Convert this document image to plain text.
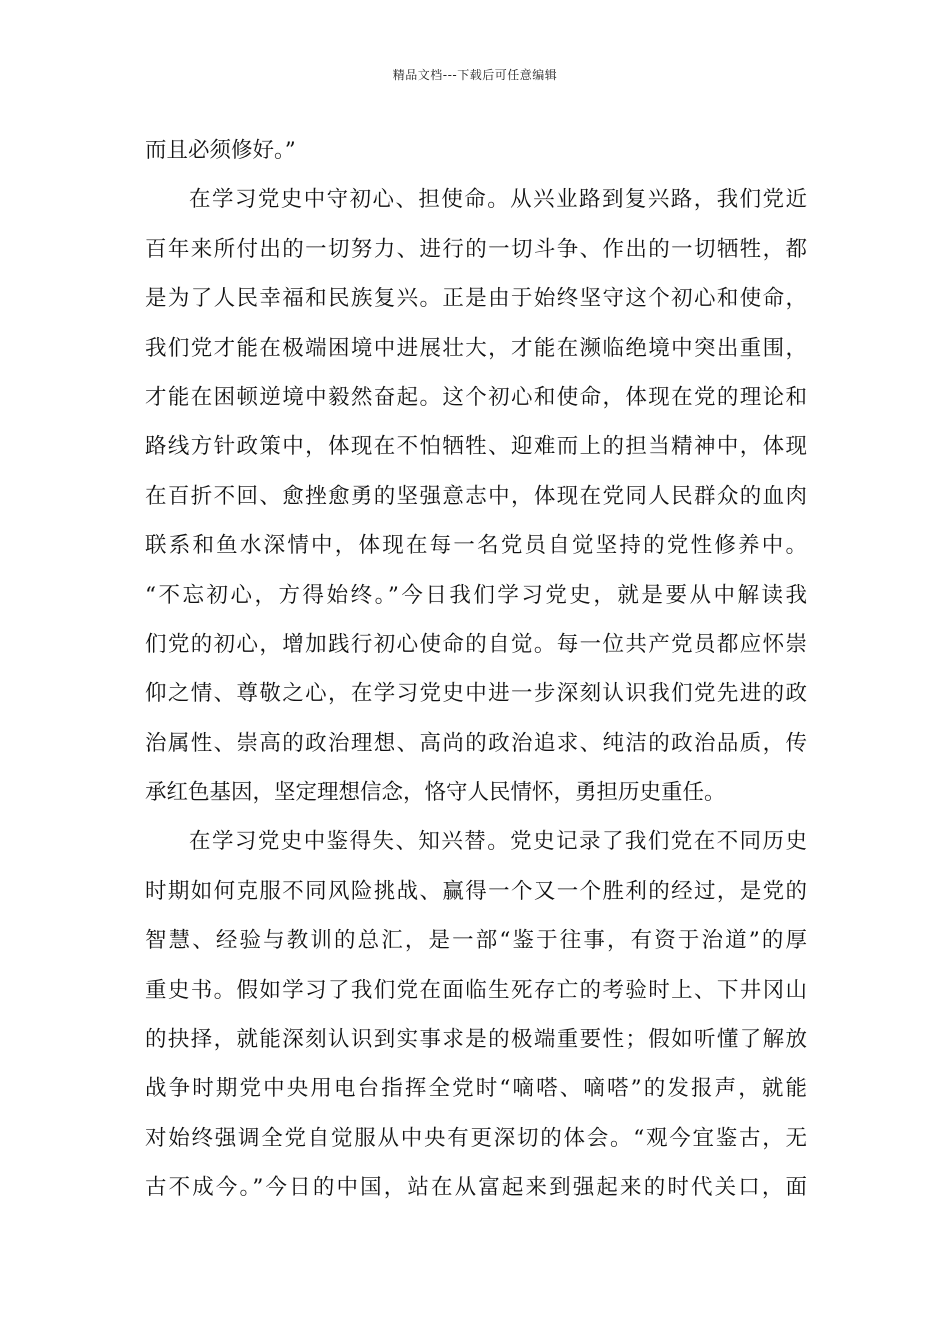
精品文档---下载后可任意编辑
而且必须修好。”
在学习党史中守初心、担使命。从兴业路到复兴路，我们党近
百年来所付出的一切努力、进行的一切斗争、作出的一切牺牲，都
是为了人民幸福和民族复兴。正是由于始终坚守这个初心和使命，
我们党才能在极端困境中进展壮大，才能在濒临绝境中突出重围，
才能在困顿逆境中毅然奋起。这个初心和使命，体现在党的理论和
路线方针政策中，体现在不怕牺牲、迎难而上的担当精神中，体现
在百折不回、愈挫愈勇的坚强意志中，体现在党同人民群众的血肉
联系和鱼水深情中，体现在每一名党员自觉坚持的党性修养中。
“不忘初心，方得始终。”今日我们学习党史，就是要从中解读我
们党的初心，增加践行初心使命的自觉。每一位共产党员都应怀崇
仰之情、尊敬之心，在学习党史中进一步深刻认识我们党先进的政
治属性、崇高的政治理想、高尚的政治追求、纯洁的政治品质，传
承红色基因，坚定理想信念，恪守人民情怀，勇担历史重任。
在学习党史中鉴得失、知兴替。党史记录了我们党在不同历史
时期如何克服不同风险挑战、赢得一个又一个胜利的经过，是党的
智慧、经验与教训的总汇，是一部“鉴于往事，有资于治道”的厚
重史书。假如学习了我们党在面临生死存亡的考验时上、下井冈山
的抉择，就能深刻认识到实事求是的极端重要性；假如听懂了解放
战争时期党中央用电台指挥全党时“嘀嗒、嘀嗒”的发报声，就能
对始终强调全党自觉服从中央有更深切的体会。“观今宜鉴古，无
古不成今。”今日的中国，站在从富起来到强起来的时代关口，面
